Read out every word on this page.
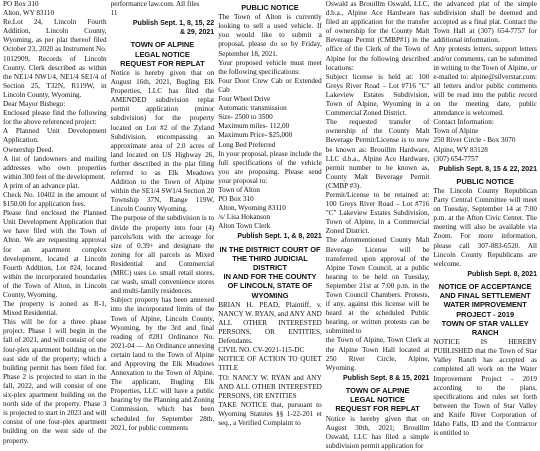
PO Box 310
Alton, WY 83110
Re.Lot 24, Lincoln Fourth Addition, Lincoln County, Wyoming, as per plat thereof filed October 23, 2020 as Instrument No. 1012909, Records of Lincoln County. Clerk described as within the NE1/4 NW1/4, NE1/4 SE1/4 of Section 25, T32N, R119W, in Lincoln County, Wyoming.
Dear Mayor Bisbego:
Enclosed please find the following for the above referenced project:
A Planned Unit Development Application.
Ownership Deed.
A list of landowners and mailing addresses who own properties within 300 feet of the development.
A print of an advance plat.
Check No. 10402 in the amount of $150.00 for application fees.
Please find enclosed the Planned Unit Development Application that we have filed with the Town of Alton. We are requesting approval for an apartment complex development, located at Lincoln Fourth Addition, Lot #24, located within the incorporated boundaries of the Town of Alton, in Lincoln County, Wyoming.
The property is zoned as R-1, Mixed Residential.
This will be for a three phase project. Phase 1 will begin in the fall of 2021, and will consist of one four-plex apartment building on the east side of the property; which a building permit has been filed for. Phase 2 is projected to start in the fall, 2022, and will consist of one six-plex apartment building on the north side of the property. Phase 3 is projected to start in 2023 and will consist of one four-plex apartment building on the west side of the property.

performance law.com. All files
11

Publish Sept. 1, 8, 15, 22
& 29, 2021
TOWN OF ALPINE
LEGAL NOTICE
REQUEST FOR REPLAT

Notice is hereby given that on August 16th, 2021, Bugling Elk Properties, LLC has filed the AMENDED subdivision replat permit application (minor subdivision) for the property located on Lot #2 of the Zyland Subdivision, encompassing an approximate area of 2.0 acres of land located on US Highway 26, further described in the plat filing referred to as Elk Meadows Addition to the Town of Alpine within the SE1/4 SW1/4 Section 20 Township 37N, Range 119W, Lincoln County Wyoming.
The purpose of the subdivision is to divide the property into four (4) parcels/lots with the acreage for size of 0.39+ and designate the zoning for all parcels as Mixed Residential and Commercial (MRC) uses i.e. small retail stores, car wash, small convenience stores and multi-family residences.
Subject property has been annexed into the incorporated limits of the Town of Alpine, Lincoln County, Wyoming, by the 3rd and final reading of #281 Ordinance No. 2021-04 — An Ordinance annexing certain land to the Town of Alpine and Approving the Elk Meadows Annexation to the Town of Alpine. The applicant, Bugling Elk Properties, LLC will have a public hearing by the Planning and Zoning Commission, which has been scheduled for September 28th, 2021, for public comments

PUBLIC NOTICE

The Town of Alton is currently looking to sell a used vehicle. If you would like to submit a proposal, please do so by Friday, September 18, 2021.
Your proposed vehicle must meet the following specifications:
Four Door Crew Cab or Extended Cab
Four Wheel Drive
Automatic transmission
Size- 2500 to 3500
Maximum miles- 112,00
Maximum Price- $25,000
Long Bed Preferred
In your proposal, please include the full specifications of the vehicle you are proposing. Please send your proposal to:
Town of Alton
PO Box 310
Alton, Wyoming 83110
/s/ Lisa Hokanson
Alton Town Clerk

Publish Sept. 1, & 8, 2021
IN THE DISTRICT COURT OF THE THIRD JUDICIAL DISTRICT
IN AND FOR THE COUNTY OF LINCOLN, STATE OF WYOMING

BRIAN H. PEAD, Plaintiff, v. NANCY W. RYAN, and ANY AND ALL OTHER INTERESTED PERSONS, OR ENTITIES, Defendants.
CIVIL NO. CV-2021-115-DC
NOTICE OF ACTION TO QUIET TITLE
TO: NANCY W. RYAN and ANY AND ALL OTHER INTERESTED PERSONS, OR ENTITIES
TAKE NOTICE that, pursuant to Wyoming Statutes §§ 1-22-201 et seq., a Verified Complaint to

Oswald as Brouillm Oswald, LLC, d.b.a., Alpine Ace Hardware has filed an application for the transfer of ownership for the County Malt Beverage Permit (CMBP#1) in the office of the Clerk of the Town of Alpine for the following described locations:
Subject license is held at: 100 Greys River Road – Lot #716 "C" Lakeview Estates Subdivision, Town of Alpine, Wyoming in a Commercial Zoned District.
The requested transfer of ownership of the County Malt Beverage Permit/License is to now be known as: Brouillm Hardware, LLC d.b.a., Alpine Ace Hardware, permit number to be known as, County Malt Beverage Permit (CMBP #3).
Permit/License to be retained at: 100 Greys River Road – Lot #716 "C" Lakeview Estates Subdivision, Town of Alpine, in a Commercial Zoned District.
The aforementioned County Malt Beverage License will be transferred upon approval of the Alpine Town Council, at a public hearing to be held on Tuesday, September 21st at 7:00 p.m. in the Town Council Chambers. Protests, if any, against this license will be heard at the scheduled Public hearing, or written protests can be submitted to
the Town of Alpine, Town Clerk at the Alpine Town Hall located at 250 River Circle, Alpine, Wyoming.

Publish Sept. 8 & 15, 2021
TOWN OF ALPINE
LEGAL NOTICE
REQUEST FOR REPLAT

Notice is hereby given that on August 30th, 2021; Brouillm Oswald, LLC has filed a simple subdivision permit application for

the advanced plat of the simple subdivision shall be deemed and accepted as a final plat. Contact the Town Hall at (307) 654-7757 for additional information.
Any protests letters, support letters and/or comments, can be submitted in writing to the Town of Alpine, or e-mailed to: alpine@silverstar.com: all letters and/or public comments will be read into the public record on the meeting date, public attendance is welcomed.
Contact Information:
Town of Alpine
250 River Circle - Box 3070
Alpine, WY 83128
(307) 654-7757

Publish Sept. 8, 15 & 22, 2021
PUBLIC NOTICE

The Lincoln County Republican Party Central Committee will meet on Tuesday, September 14 at 7:00 p.m. at the Afton Civic Center. The meeting will also be available via Zoom. For more information, please call 307-883-6520. All Lincoln County Republicans are welcome.

Publish Sept. 8, 2021
NOTICE OF ACCEPTANCE AND FINAL SETTLEMENT WATER IMPROVEMENT PROJECT - 2019
TOWN OF STAR VALLEY RANCH

NOTICE IS HEREBY PUBLISHED that the Town of Star Valley Ranch has accepted as completed all work on the Water Improvement Project - 2019 according to the plans, specifications and rules set forth between the Town of Star Valley and Knife River Corporation of Idaho Falls, ID and the Contractor is entitled to
